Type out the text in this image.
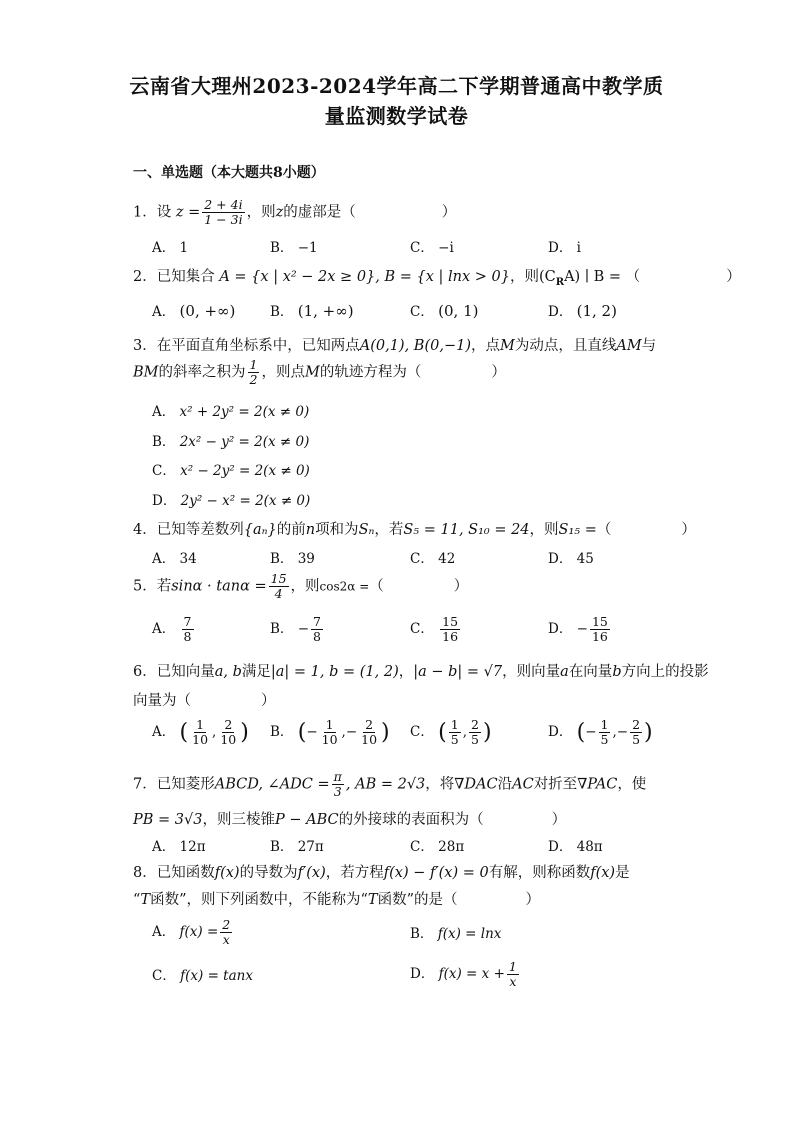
云南省大理州2023-2024学年高二下学期普通高中教学质
量监测数学试卷
一、单选题（本大题共8小题）
1．设 $z = \frac{2 + 4i}{1 - 3i}$ ，则z的虚部是（	）
A． 1	B． −1	C． −i	D． i
2．已知集合 A = {x | x² − 2x ≥ 0}, B = {x | lnx > 0}，则$(C_RA)$ ∣ B = （	）
A． (0, +∞)	B． (1, +∞)	C． (0, 1)	D． (1, 2)
3．在平面直角坐标系中，已知两点A(0,1), B(0,−1)，点M为动点，且直线AM与
BM的斜率之积为 $\frac{1}{2}$ ，则点M的轨迹方程为（	）
A． x² + 2y² = 2(x ≠ 0)
B． 2x² − y² = 2(x ≠ 0)
C． x² − 2y² = 2(x ≠ 0)
D． 2y² − x² = 2(x ≠ 0)
4．已知等差数列{aₙ}的前n项和为Sₙ，若S₅ = 11, S₁₀ = 24，则S₁₅ =（	）
A． 34	B． 39	C． 42	D． 45
5．若$\sin\alpha \cdot \tan\alpha = \frac{15}{4}$ ，则cos2α =（	）
A． $\frac{7}{8}$	B． − $\frac{7}{8}$	C． $\frac{15}{16}$	D． − $\frac{15}{16}$
6．已知向量a, b满足|a| = 1, b = (1, 2)，|a − b| = √7，则向量a在向量b方向上的投影
向量为（	）
A． ( $\frac{1}{10}$ , $\frac{2}{10}$ ) B． (− $\frac{1}{10}$ ,− $\frac{2}{10}$ ) C． ( $\frac{1}{5}$ , $\frac{2}{5}$ )	D． (− $\frac{1}{5}$ ,− $\frac{2}{5}$ )
7．已知菱形ABCD, ∠ADC = $\frac{\pi}{3}$ , AB = 2√3，将∇DAC沿AC对折至∇PAC，使
PB = 3√3，则三棱锥P − ABC的外接球的表面积为（	）
A． 12π	B． 27π	C． 28π	D． 48π
8．已知函数f(x)的导数为f′(x)，若方程f(x) − f′(x) = 0有解，则称函数f(x)是
“T函数”，则下列函数中，不能称为“T函数”的是（	）
A． $f(x) = \frac{2}{x}$	B． f(x) = lnx
C． f(x) = tanx	D． $f(x) = x + \frac{1}{x}$
